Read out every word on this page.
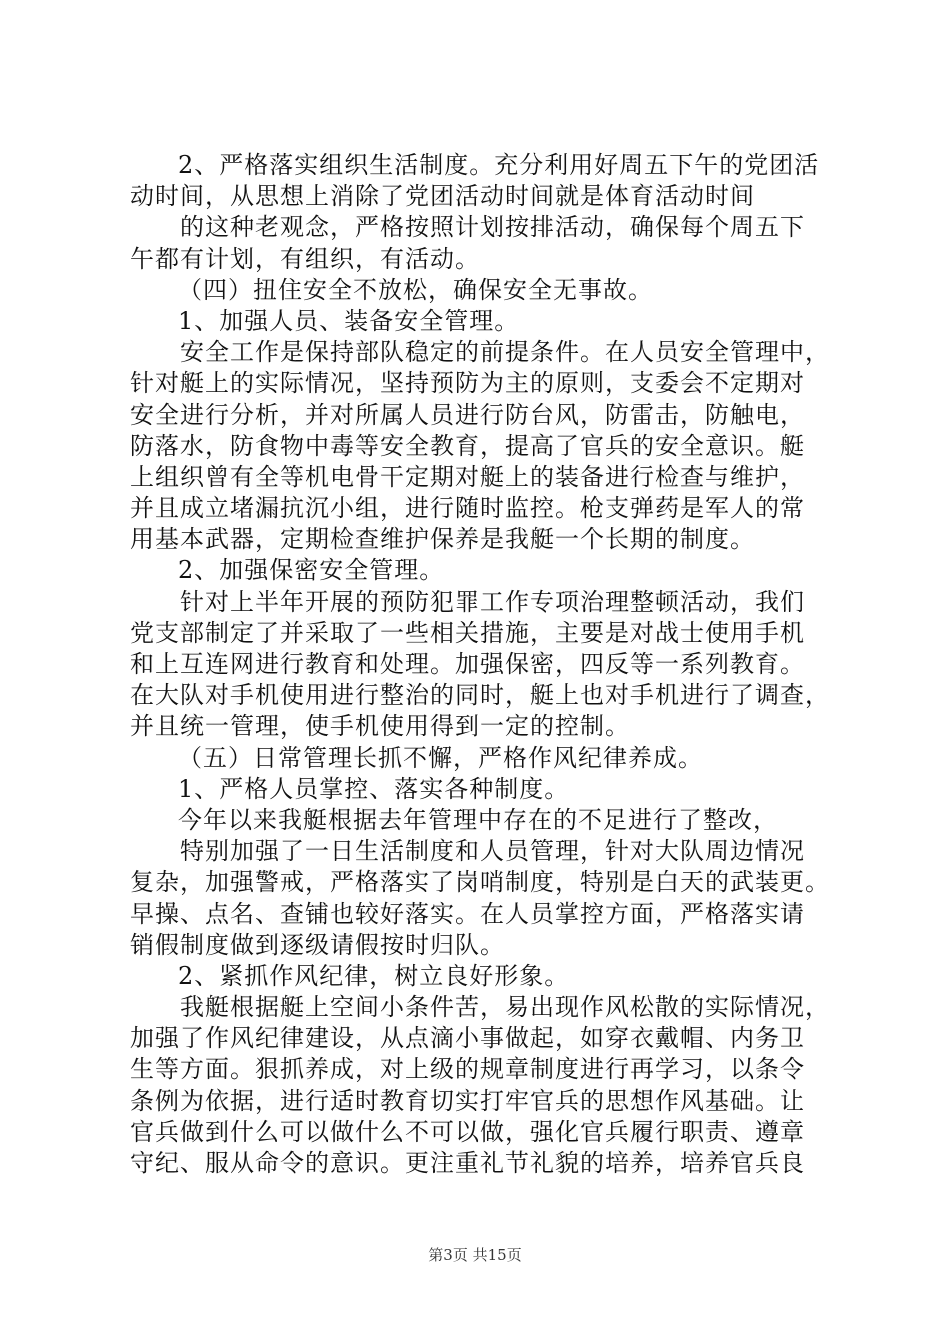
2、严格落实组织生活制度。充分利用好周五下午的党团活
动时间，从思想上消除了党团活动时间就是体育活动时间
的这种老观念，严格按照计划按排活动，确保每个周五下
午都有计划，有组织，有活动。
（四）扭住安全不放松，确保安全无事故。
1、加强人员、装备安全管理。
安全工作是保持部队稳定的前提条件。在人员安全管理中，
针对艇上的实际情况，坚持预防为主的原则，支委会不定期对
安全进行分析，并对所属人员进行防台风，防雷击，防触电，
防落水，防食物中毒等安全教育，提高了官兵的安全意识。艇
上组织曾有全等机电骨干定期对艇上的装备进行检查与维护，
并且成立堵漏抗沉小组，进行随时监控。枪支弹药是军人的常
用基本武器，定期检查维护保养是我艇一个长期的制度。
2、加强保密安全管理。
针对上半年开展的预防犯罪工作专项治理整顿活动，我们
党支部制定了并采取了一些相关措施，主要是对战士使用手机
和上互连网进行教育和处理。加强保密，四反等一系列教育。
在大队对手机使用进行整治的同时，艇上也对手机进行了调查，
并且统一管理，使手机使用得到一定的控制。
（五）日常管理长抓不懈，严格作风纪律养成。
1、严格人员掌控、落实各种制度。
今年以来我艇根据去年管理中存在的不足进行了整改，
特别加强了一日生活制度和人员管理，针对大队周边情况
复杂，加强警戒，严格落实了岗哨制度，特别是白天的武装更。
早操、点名、查铺也较好落实。在人员掌控方面，严格落实请
销假制度做到逐级请假按时归队。
2、紧抓作风纪律，树立良好形象。
我艇根据艇上空间小条件苦，易出现作风松散的实际情况，
加强了作风纪律建设，从点滴小事做起，如穿衣戴帽、内务卫
生等方面。狠抓养成，对上级的规章制度进行再学习，以条令
条例为依据，进行适时教育切实打牢官兵的思想作风基础。让
官兵做到什么可以做什么不可以做，强化官兵履行职责、遵章
守纪、服从命令的意识。更注重礼节礼貌的培养，培养官兵良
第3页 共15页
